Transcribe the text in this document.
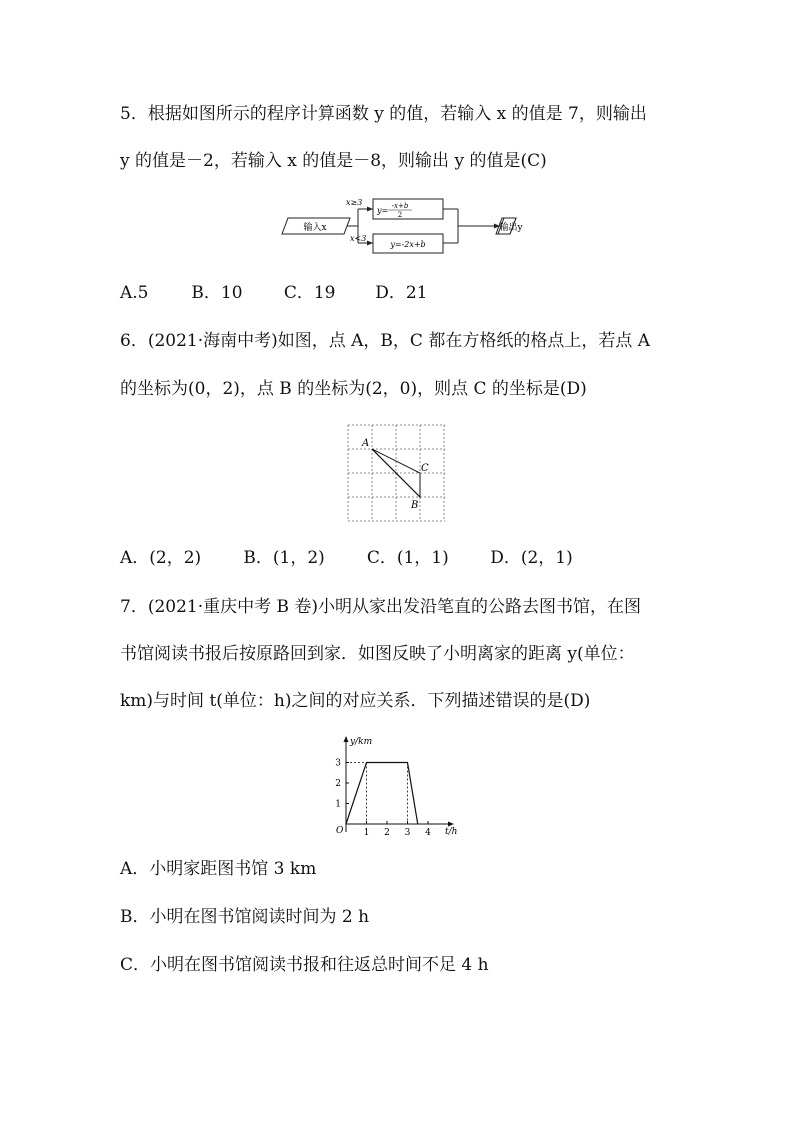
5．根据如图所示的程序计算函数 y 的值，若输入 x 的值是 7，则输出
y 的值是－2，若输入 x 的值是－8，则输出 y 的值是(C)
输入x	输出y
x≥3
x<3
y= -x+b
2
y=-2x+b
A.5	B．10 C．19 D．21
6．(2021·海南中考)如图，点 A，B，C 都在方格纸的格点上，若点 A
的坐标为(0，2)，点 B 的坐标为(2，0)，则点 C 的坐标是(D)
A
B
C
A．(2，2) B．(1，2) C．(1，1) D．(2，1)
7．(2021·重庆中考 B 卷)小明从家出发沿笔直的公路去图书馆，在图
书馆阅读书报后按原路回到家．如图反映了小明离家的距离 y(单位：
km)与时间 t(单位：h)之间的对应关系．下列描述错误的是(D)
1 2 3 4
1
2
3
y/km
t/h
O
A．小明家距图书馆 3 km
B．小明在图书馆阅读时间为 2 h
C．小明在图书馆阅读书报和往返总时间不足 4 h
